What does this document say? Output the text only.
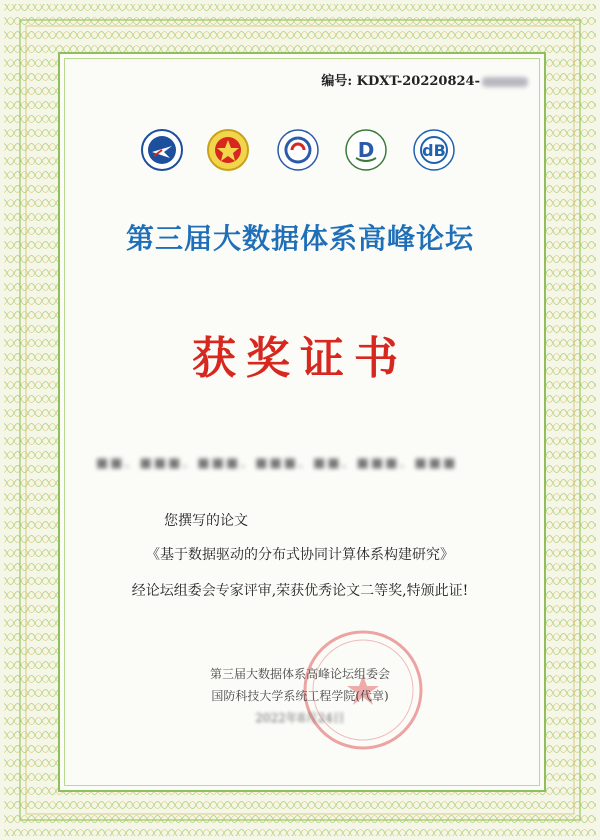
编号: KDXT-20220824-
D	dB
第三届大数据体系高峰论坛
获奖证书
■■、■■■、■■■、■■■、■■、■■■、■■■
您撰写的论文
《基于数据驱动的分布式协同计算体系构建研究》
经论坛组委会专家评审,荣获优秀论文二等奖,特颁此证!
第三届大数据体系高峰论坛组委会
国防科技大学系统工程学院(代章)
2022年8月24日
